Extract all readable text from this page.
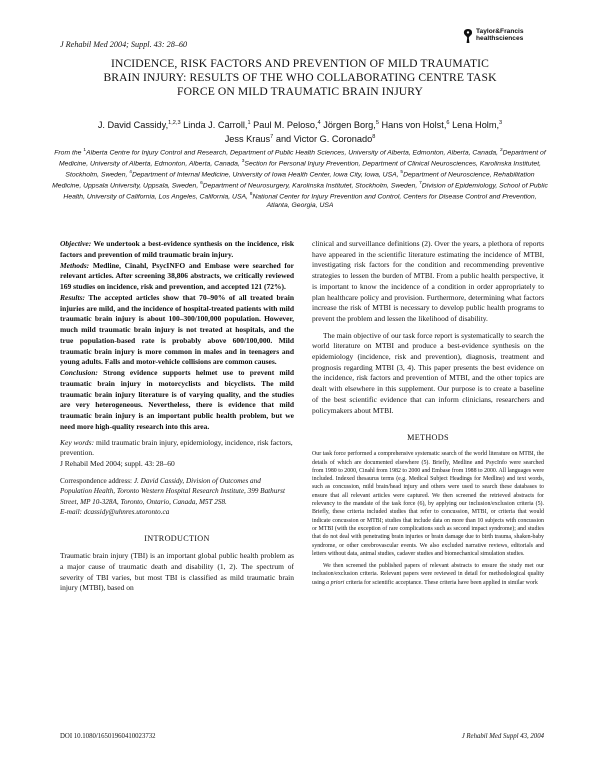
J Rehabil Med 2004; Suppl. 43: 28–60
Taylor&Francis
healthsciences
INCIDENCE, RISK FACTORS AND PREVENTION OF MILD TRAUMATIC
BRAIN INJURY: RESULTS OF THE WHO COLLABORATING CENTRE TASK
FORCE ON MILD TRAUMATIC BRAIN INJURY
J. David Cassidy,$^{1,2,3}$ Linda J. Carroll,$^1$ Paul M. Peloso,$^4$ Jörgen Borg,$^5$ Hans von Holst,$^6$ Lena Holm,$^3$
Jess Kraus$^7$ and Victor G. Coronado$^8$
From the $^1$Alberta Centre for Injury Control and Research, Department of Public Health Sciences, University of Alberta, Edmonton, Alberta, Canada, $^2$Department of Medicine, University of Alberta, Edmonton, Alberta, Canada, $^3$Section for Personal Injury Prevention, Department of Clinical Neurosciences, Karolinska Institutet, Stockholm, Sweden, $^4$Department of Internal Medicine, University of Iowa Health Center, Iowa City, Iowa, USA, $^5$Department of Neuroscience, Rehabilitation Medicine, Uppsala University, Uppsala, Sweden, $^6$Department of Neurosurgery, Karolinska Institutet, Stockholm, Sweden, $^7$Division of Epidemiology, School of Public Health, University of California, Los Angeles, California, USA, $^8$National Center for Injury Prevention and Control, Centers for Disease Control and Prevention, Atlanta, Georgia, USA

Objective: We undertook a best-evidence synthesis on the incidence, risk factors and prevention of mild traumatic brain injury.

Methods: Medline, Cinahl, PsycINFO and Embase were searched for relevant articles. After screening 38,806 abstracts, we critically reviewed 169 studies on incidence, risk and prevention, and accepted 121 (72%).

Results: The accepted articles show that 70–90% of all treated brain injuries are mild, and the incidence of hospital-treated patients with mild traumatic brain injury is about 100–300/100,000 population. However, much mild traumatic brain injury is not treated at hospitals, and the true population-based rate is probably above 600/100,000. Mild traumatic brain injury is more common in males and in teenagers and young adults. Falls and motor-vehicle collisions are common causes.

Conclusion: Strong evidence supports helmet use to prevent mild traumatic brain injury in motorcyclists and bicyclists. The mild traumatic brain injury literature is of varying quality, and the studies are very heterogeneous. Nevertheless, there is evidence that mild traumatic brain injury is an important public health problem, but we need more high-quality research into this area.

Key words: mild traumatic brain injury, epidemiology, incidence, risk factors, prevention.

J Rehabil Med 2004; suppl. 43: 28–60

Correspondence address: J. David Cassidy, Division of Outcomes and Population Health, Toronto Western Hospital Research Institute, 399 Bathurst Street, MP 10-328A, Toronto, Ontario, Canada, M5T 2S8.
E-mail: dcassidy@uhnres.utoronto.ca

INTRODUCTION

Traumatic brain injury (TBI) is an important global public health problem as a major cause of traumatic death and disability (1, 2). The spectrum of severity of TBI varies, but most TBI is classified as mild traumatic brain injury (MTBI), based on

clinical and surveillance definitions (2). Over the years, a plethora of reports have appeared in the scientific literature estimating the incidence of MTBI, investigating risk factors for the condition and recommending preventive strategies to lessen the burden of MTBI. From a public health perspective, it is important to know the incidence of a condition in order appropriately to plan healthcare policy and provision. Furthermore, determining what factors increase the risk of MTBI is necessary to develop public health programs to prevent the problem and lessen the likelihood of disability.

The main objective of our task force report is systematically to search the world literature on MTBI and produce a best-evidence synthesis on the epidemiology (incidence, risk and prevention), diagnosis, treatment and prognosis regarding MTBI (3, 4). This paper presents the best evidence on the incidence, risk factors and prevention of MTBI, and the other topics are dealt with elsewhere in this supplement. Our purpose is to create a baseline of the best scientific evidence that can inform clinicians, researchers and policymakers about MTBI.

METHODS

Our task force performed a comprehensive systematic search of the world literature on MTBI, the details of which are documented elsewhere (5). Briefly, Medline and PsycInfo were searched from 1980 to 2000, Cinahl from 1982 to 2000 and Embase from 1988 to 2000. All languages were included. Indexed thesaurus terms (e.g. Medical Subject Headings for Medline) and text words, such as concussion, mild brain/head injury and others were used to search these databases to ensure that all relevant articles were captured. We then screened the retrieved abstracts for relevancy to the mandate of the task force (6), by applying our inclusion/exclusion criteria (5). Briefly, these criteria included studies that refer to concussion, MTBI, or criteria that would indicate concussion or MTBI; studies that include data on more than 10 subjects with concussion or MTBI (with the exception of rare complications such as second impact syndrome); and studies that do not deal with penetrating brain injuries or brain damage due to birth trauma, shaken-baby syndrome, or other cerebrovascular events. We also excluded narrative reviews, editorials and letters without data, animal studies, cadaver studies and biomechanical simulation studies.

We then screened the published papers of relevant abstracts to ensure the study met our inclusion/exclusion criteria. Relevant papers were reviewed in detail for methodological quality using a priori criteria for scientific acceptance. These criteria have been applied in similar work

DOI 10.1080/16501960410023732	J Rehabil Med Suppl 43, 2004
